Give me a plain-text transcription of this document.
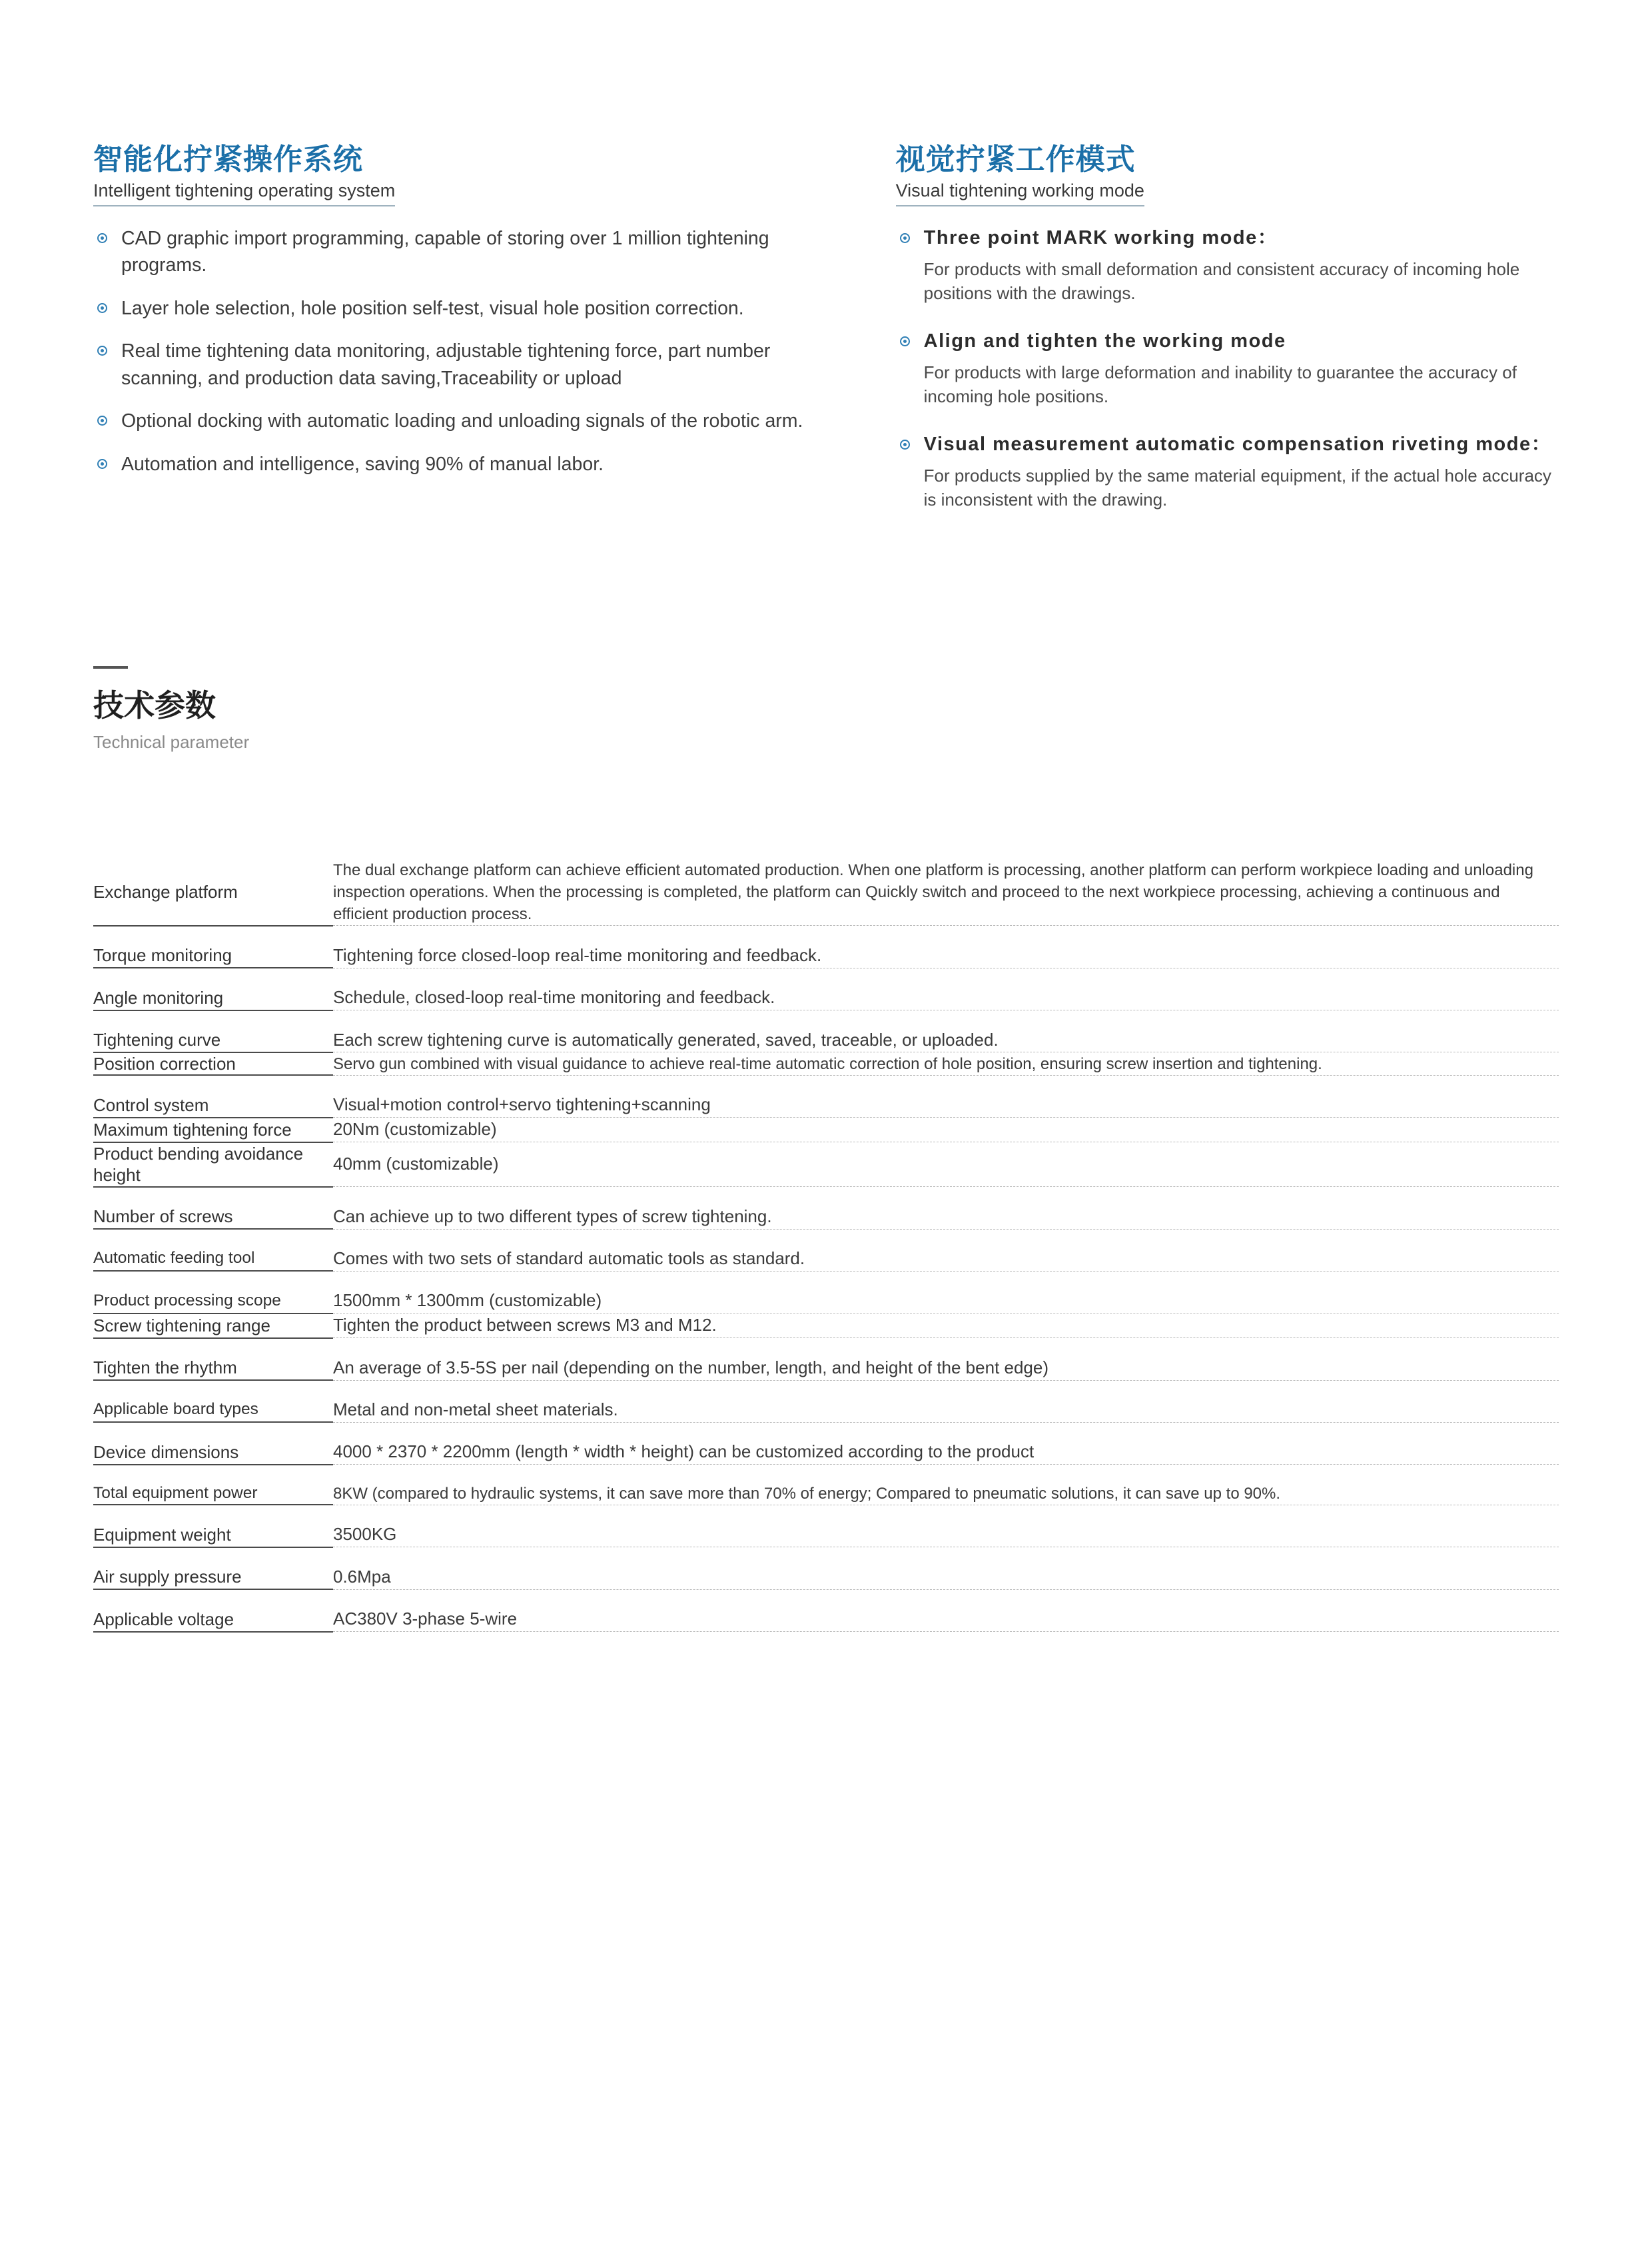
智能化拧紧操作系统
Intelligent tightening operating system
CAD graphic import programming, capable of storing over 1 million tightening programs.
Layer hole selection, hole position self-test, visual hole position correction.
Real time tightening data monitoring, adjustable tightening force, part number scanning, and production data saving,Traceability or upload
Optional docking with automatic loading and unloading signals of the robotic arm.
Automation and intelligence, saving 90% of manual labor.
视觉拧紧工作模式
Visual tightening working mode
Three point MARK working mode：
For products with small deformation and consistent accuracy of incoming hole positions with the drawings.
Align and tighten the working mode
For products with large deformation and inability to guarantee the accuracy of incoming hole positions.
Visual measurement automatic compensation riveting mode：
For products supplied by the same material equipment, if the actual hole accuracy is inconsistent with the drawing.
技术参数
Technical parameter
Exchange platform	The dual exchange platform can achieve efficient automated production. When one platform is processing, another platform can perform workpiece loading and unloading inspection operations. When the processing is completed, the platform can Quickly switch and proceed to the next workpiece processing, achieving a continuous and efficient production process.

Torque monitoring	Tightening force closed-loop real-time monitoring and feedback.

Angle monitoring	Schedule, closed-loop real-time monitoring and feedback.

Tightening curve	Each screw tightening curve is automatically generated, saved, traceable, or uploaded.
Position correction	Servo gun combined with visual guidance to achieve real-time automatic correction of hole position, ensuring screw insertion and tightening.

Control system	Visual+motion control+servo tightening+scanning
Maximum tightening force	20Nm (customizable)
Product bending avoidance height	40mm (customizable)

Number of screws	Can achieve up to two different types of screw tightening.

Automatic feeding tool	Comes with two sets of standard automatic tools as standard.

Product processing scope	1500mm * 1300mm (customizable)
Screw tightening range	Tighten the product between screws M3 and M12.

Tighten the rhythm	An average of 3.5-5S per nail (depending on the number, length, and height of the bent edge)

Applicable board types	Metal and non-metal sheet materials.

Device dimensions	4000 * 2370 * 2200mm (length * width * height) can be customized according to the product

Total equipment power	8KW (compared to hydraulic systems, it can save more than 70% of energy; Compared to pneumatic solutions, it can save up to 90%.

Equipment weight	3500KG

Air supply pressure	0.6Mpa

Applicable voltage	AC380V 3-phase 5-wire
